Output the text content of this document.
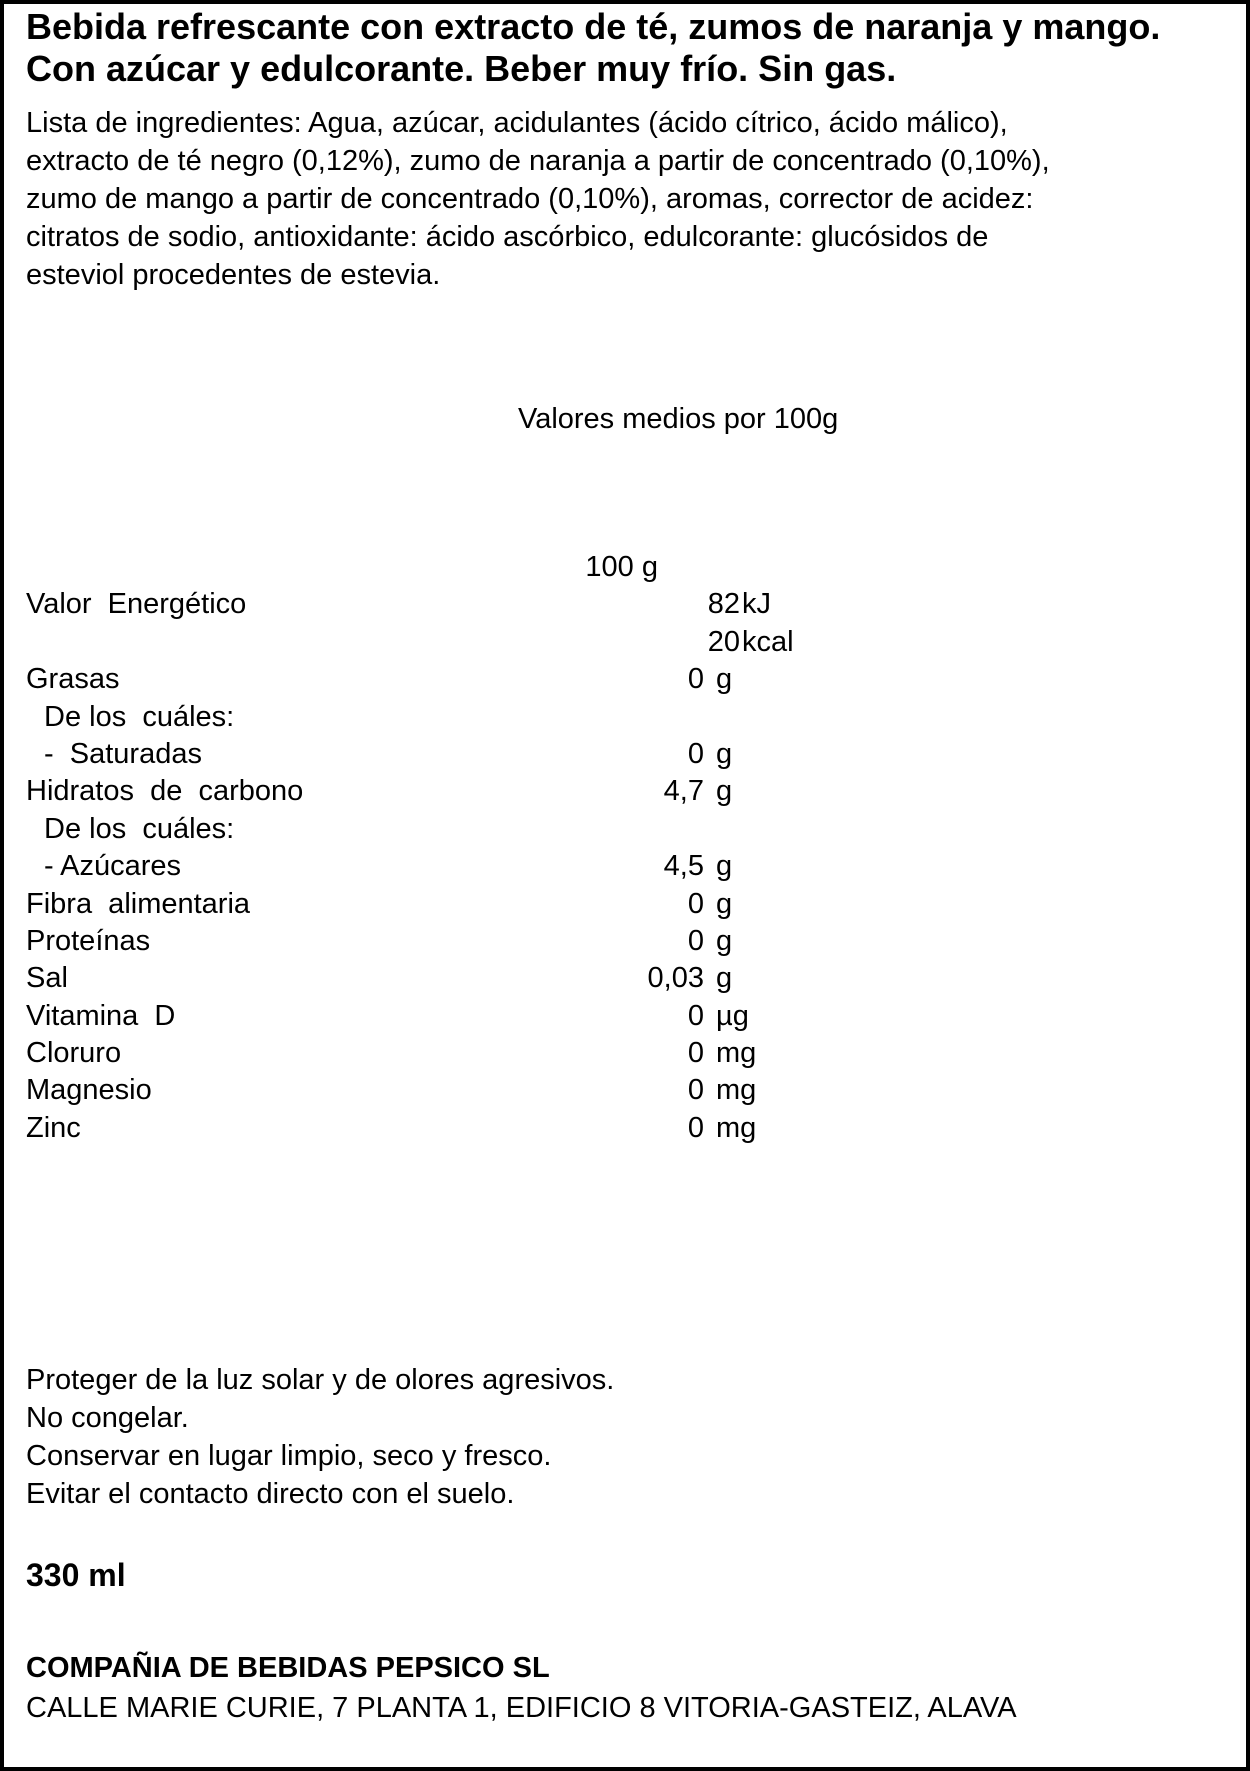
Bebida refrescante con extracto de té, zumos de naranja y mango. Con azúcar y edulcorante. Beber muy frío. Sin gas.

Lista de ingredientes: Agua, azúcar, acidulantes (ácido cítrico, ácido málico),
extracto de té negro (0,12%), zumo de naranja a partir de concentrado (0,10%),
zumo de mango a partir de concentrado (0,10%), aromas, corrector de acidez:
citratos de sodio, antioxidante: ácido ascórbico, edulcorante: glucósidos de
esteviol procedentes de estevia.

Valores medios por 100g
100 g
Valor  Energético	82 kJ
20 kcal
Grasas	0 g
De los  cuáles:
-  Saturadas	0 g
Hidratos  de  carbono	4,7 g
De los  cuáles:
- Azúcares	4,5 g
Fibra  alimentaria	0 g
Proteínas	0 g
Sal	0,03 g
Vitamina  D	0 µg
Cloruro	0 mg
Magnesio	0 mg
Zinc	0 mg
Proteger de la luz solar y de olores agresivos.
No congelar.
Conservar en lugar limpio, seco y fresco.
Evitar el contacto directo con el suelo.
330 ml
COMPAÑIA DE BEBIDAS PEPSICO SL
CALLE MARIE CURIE, 7 PLANTA 1, EDIFICIO 8 VITORIA-GASTEIZ, ALAVA
